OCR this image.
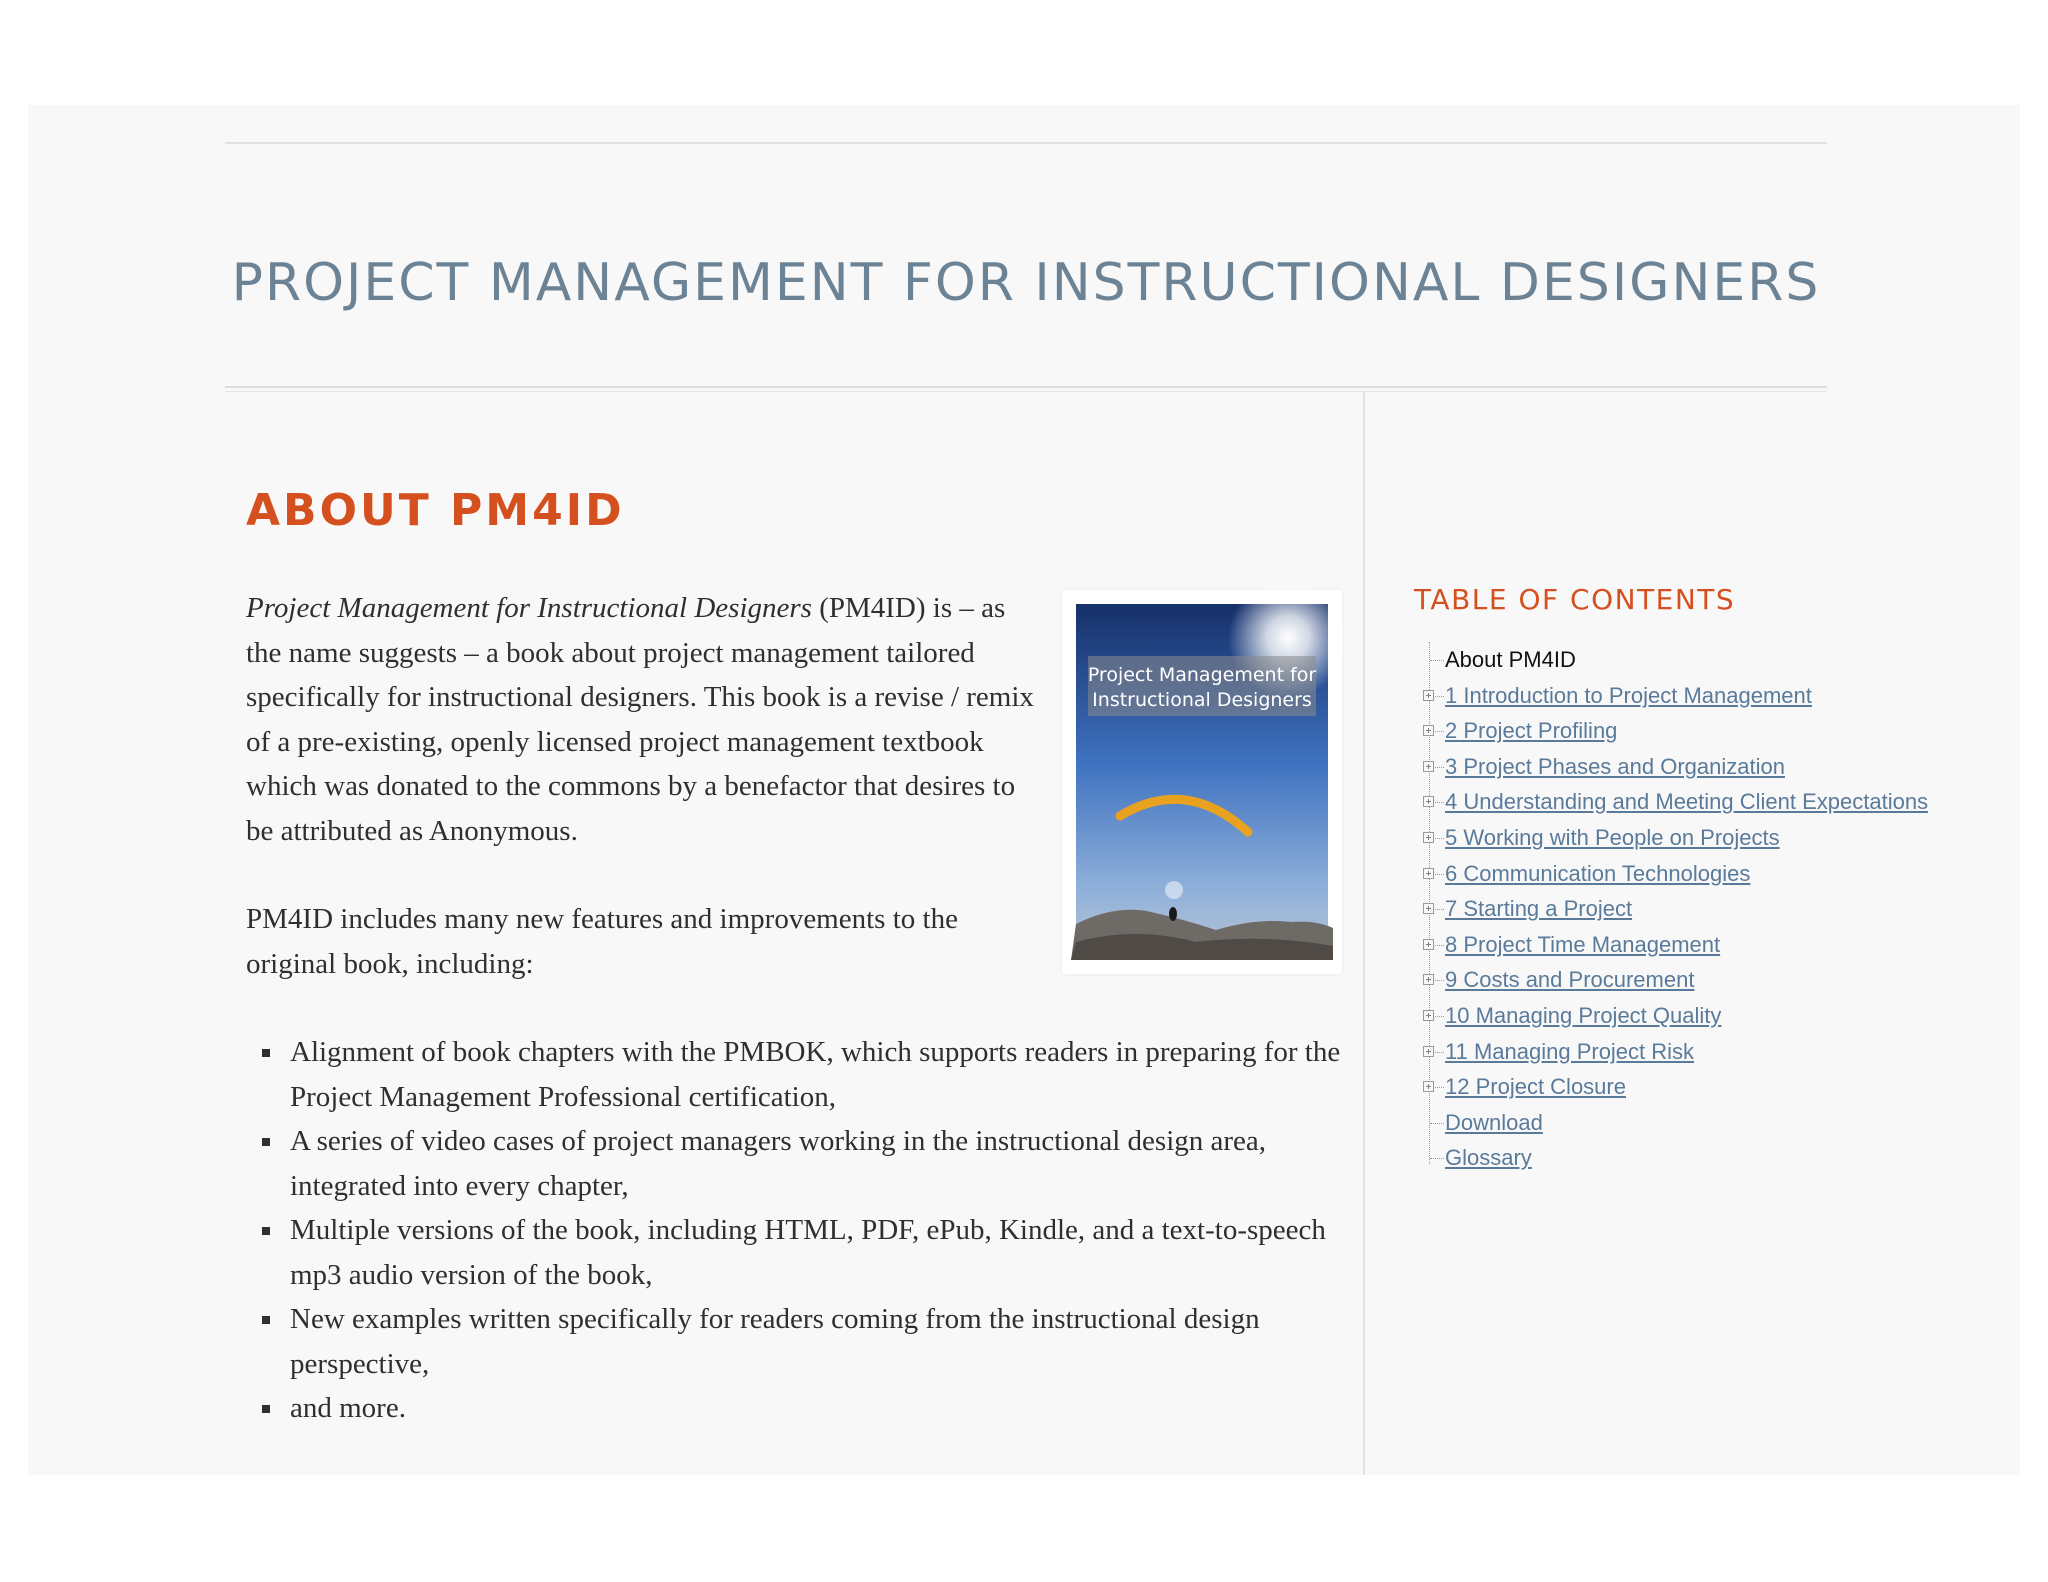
PROJECT MANAGEMENT FOR INSTRUCTIONAL DESIGNERS
ABOUT PM4ID
Project Management for
Instructional Designers

Project Management for Instructional Designers (PM4ID) is – as the name suggests – a book about project management tailored specifically for instructional designers. This book is a revise / remix of a pre-existing, openly licensed project management textbook which was donated to the commons by a benefactor that desires to be attributed as Anonymous.

PM4ID includes many new features and improvements to the original book, including:

Alignment of book chapters with the PMBOK, which supports readers in preparing for the Project Management Professional certification,
A series of video cases of project managers working in the instructional design area, integrated into every chapter,
Multiple versions of the book, including HTML, PDF, ePub, Kindle, and a text-to-speech mp3 audio version of the book,
New examples written specifically for readers coming from the instructional design perspective,
and more.
TABLE OF CONTENTS
About PM4ID
1 Introduction to Project Management
2 Project Profiling
3 Project Phases and Organization
4 Understanding and Meeting Client Expectations
5 Working with People on Projects
6 Communication Technologies
7 Starting a Project
8 Project Time Management
9 Costs and Procurement
10 Managing Project Quality
11 Managing Project Risk
12 Project Closure
Download
Glossary
